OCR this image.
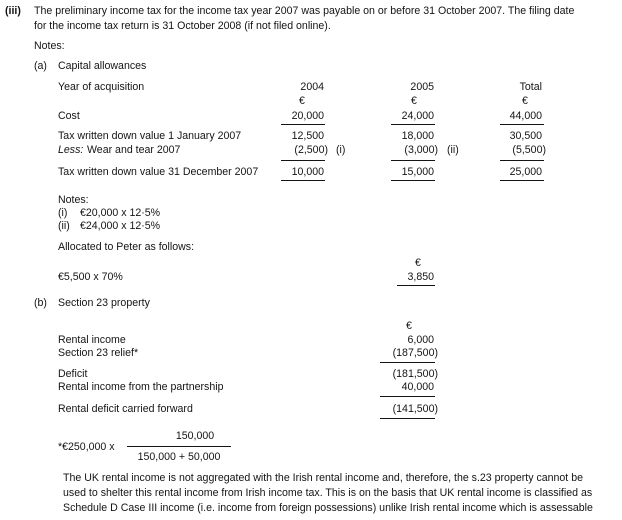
(iii) The preliminary income tax for the income tax year 2007 was payable on or before 31 October 2007. The filing date
for the income tax return is 31 October 2008 (if not filed online).
Notes:
(a) Capital allowances
Year of acquisition	2004	2005	Total
€	€	€
Cost	20,000	24,000	44,000
Tax written down value 1 January 2007	12,500	18,000	30,500
Less: Wear and tear 2007	(2,500) (i)	(3,000) (ii)	(5,500)
Tax written down value 31 December 2007	10,000	15,000	25,000
Notes:
(i) €20,000 x 12·5%
(ii) €24,000 x 12·5%
Allocated to Peter as follows:
€
€5,500 x 70%	3,850
(b) Section 23 property
€
Rental income	6,000
Section 23 relief*	(187,500)
Deficit	(181,500)
Rental income from the partnership	40,000
Rental deficit carried forward	(141,500)
*€250,000 x
150,000
150,000 + 50,000
The UK rental income is not aggregated with the Irish rental income and, therefore, the s.23 property cannot be
used to shelter this rental income from Irish income tax. This is on the basis that UK rental income is classified as
Schedule D Case III income (i.e. income from foreign possessions) unlike Irish rental income which is assessable
